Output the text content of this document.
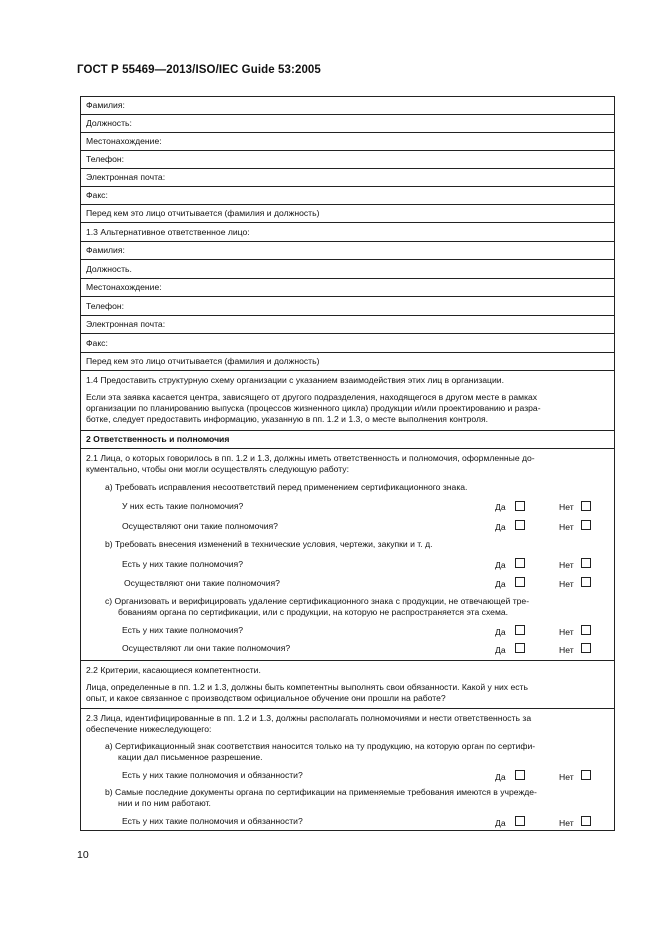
ГОСТ Р 55469—2013/ISO/IEC Guide 53:2005
Фамилия:
Должность:
Местонахождение:
Телефон:
Электронная почта:
Факс:
Перед кем это лицо отчитывается (фамилия и должность)
1.3 Альтернативное ответственное лицо:
Фамилия:
Должность.
Местонахождение:
Телефон:
Электронная почта:
Факс:
Перед кем это лицо отчитывается (фамилия и должность)
1.4 Предоставить структурную схему организации с указанием взаимодействия этих лиц в организации.
Если эта заявка касается центра, зависящего от другого подразделения, находящегося в другом месте в рамках
организации по планированию выпуска (процессов жизненного цикла) продукции и/или проектированию и разра-
ботке, следует предоставить информацию, указанную в пп. 1.2 и 1.3, о месте выполнения контроля.
2 Ответственность и полномочия
2.1 Лица, о которых говорилось в пп. 1.2 и 1.3, должны иметь ответственность и полномочия, оформленные до-
кументально, чтобы они могли осуществлять следующую работу:
a) Требовать исправления несоответствий перед применением сертификационного знака.
У них есть такие полномочия?	Да	Нет
Осуществляют они такие полномочия?	Да	Нет
b) Требовать внесения изменений в технические условия, чертежи, закупки и т. д.
Есть у них такие полномочия?	Да	Нет
Осуществляют они такие полномочия?	Да	Нет
c) Организовать и верифицировать удаление сертификационного знака с продукции, не отвечающей тре-
бованиям органа по сертификации, или с продукции, на которую не распространяется эта схема.
Есть у них такие полномочия?	Да	Нет
Осуществляют ли они такие полномочия?	Да	Нет
2.2 Критерии, касающиеся компетентности.
Лица, определенные в пп. 1.2 и 1.3, должны быть компетентны выполнять свои обязанности. Какой у них есть
опыт, и какое связанное с производством официальное обучение они прошли на работе?
2.3 Лица, идентифицированные в пп. 1.2 и 1.3, должны располагать полномочиями и нести ответственность за
обеспечение нижеследующего:
a) Сертификационный знак соответствия наносится только на ту продукцию, на которую орган по сертифи-
кации дал письменное разрешение.
Есть у них такие полномочия и обязанности?	Да	Нет
b) Самые последние документы органа по сертификации на применяемые требования имеются в учрежде-
нии и по ним работают.
Есть у них такие полномочия и обязанности?	Да	Нет
10
